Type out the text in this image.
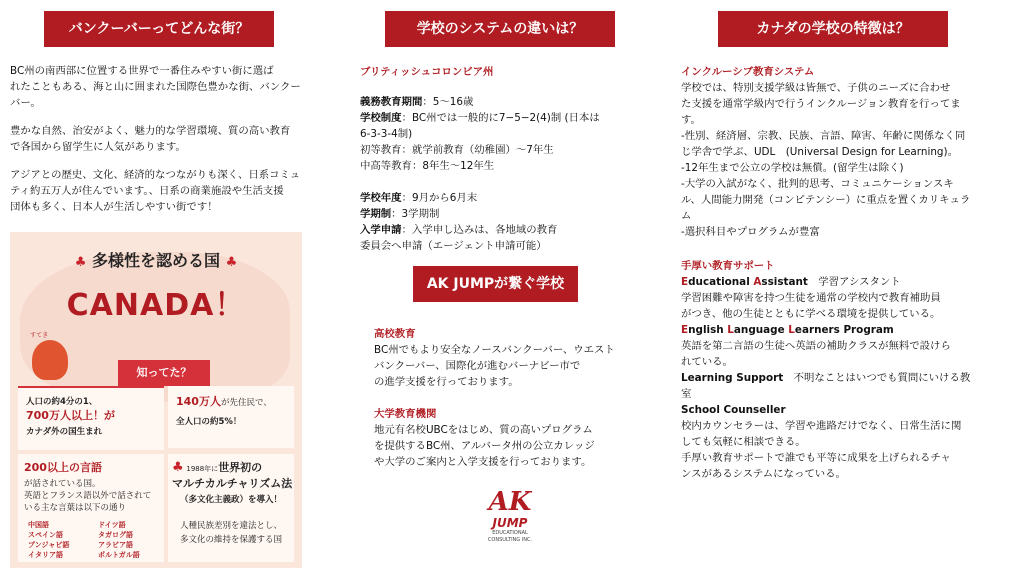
バンクーバーってどんな街？
BC州の南西部に位置する世界で一番住みやすい街に選ば
れたこともある、海と山に囲まれた国際色豊かな街、バンクー
バー。
豊かな自然、治安がよく、魅力的な学習環境、質の高い教育
で各国から留学生に人気があります。
アジアとの歴史、文化、経済的なつながりも深く、日系コミュ
ティ約五万人が住んでいます。、日系の商業施設や生活支援
団体も多く、日本人が生活しやすい街です！
♣ 多様性を認める国 ♣
CANADA！
すてき
知ってた？
人口の約4分の1、
700万人以上！が
カナダ外の国生まれ
140万人が先住民で、
全人口の約5%！
200以上の言語
が話されている国。
英語とフランス語以外で話されて
いる主な言葉は以下の通り
中国語
スペイン語
プンジャビ語
イタリア語
ドイツ語
タガログ語
アラビア語
ポルトガル語
♣ 1988年に世界初の
マルチカルチャリズム法
（多文化主義政）を導入！
人種民族差別を違法とし、
多文化の維持を保護する国
学校のシステムの違いは？
ブリティッシュコロンビア州
義務教育期間：5～16歳
学校制度：BC州では一般的に7−5−2(4)制 (日本は
6-3-3-4制)
初等教育：就学前教育（幼稚園）～7年生
中高等教育：8年生～12年生
学校年度：9月から6月末
学期制：3学期制
入学申請：入学申し込みは、各地域の教育
委員会へ申請（エージェント申請可能）
AK JUMPが繋ぐ学校
高校教育
BC州でもより安全なノースバンクーバー、ウエスト
バンクーバー、国際化が進むバーナビー市で
の進学支援を行っております。
大学教育機関
地元有名校UBCをはじめ、質の高いプログラム
を提供するBC州、アルバータ州の公立カレッジ
や大学のご案内と入学支援を行っております。
AK
JUMP
EDUCATIONAL
CONSULTING INC.
カナダの学校の特徴は？
インクルーシブ教育システム
学校では、特別支援学級は皆無で、子供のニーズに合わせ
た支援を通常学級内で行うインクルージョン教育を行ってま
す。
-性別、経済層、宗教、民族、言語、障害、年齢に関係なく同
じ学舎で学ぶ、UDL　(Universal Design for Learning)。
-12年生まで公立の学校は無償。(留学生は除く)
-大学の入試がなく、批判的思考、コミュニケーションスキ
ル、人間能力開発（コンピテンシー）に重点を置くカリキュラ
ム
-選択科目やプログラムが豊富
手厚い教育サポート
Educational Assistant　学習アシスタント
学習困難や障害を持つ生徒を通常の学校内で教育補助員
がつき、他の生徒とともに学べる環境を提供している。
English Language Learners Program
英語を第二言語の生徒へ英語の補助クラスが無料で設けら
れている。
Learning Support　不明なことはいつでも質問にいける教
室
School Counseller
校内カウンセラーは、学習や進路だけでなく、日常生活に関
しても気軽に相談できる。
手厚い教育サポートで誰でも平等に成果を上げられるチャ
ンスがあるシステムになっている。
